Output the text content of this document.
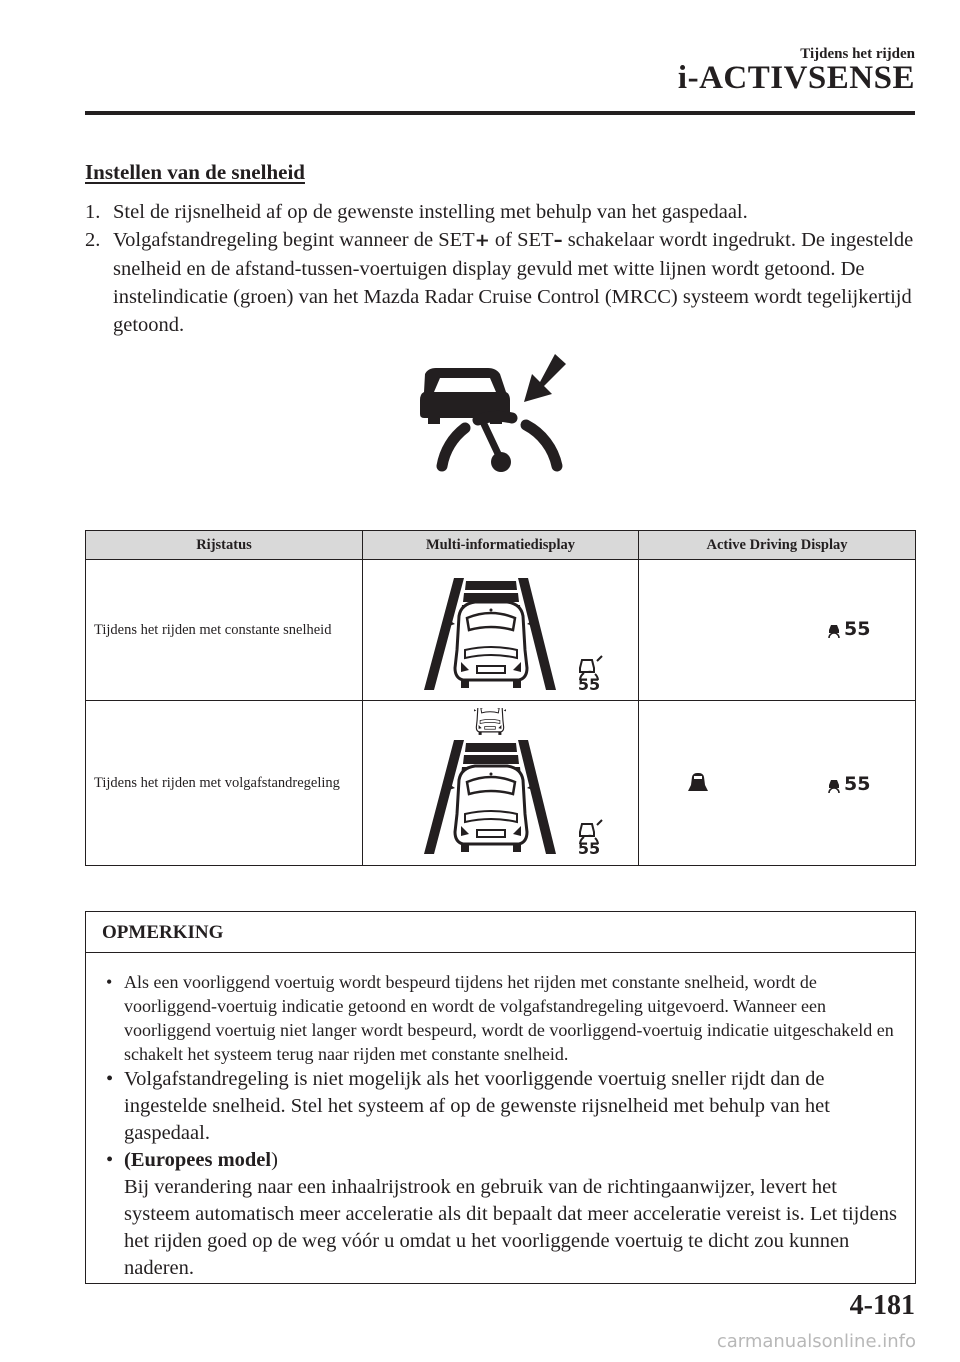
Tijdens het rijden
i-ACTIVSENSE
Instellen van de snelheid
1. Stel de rijsnelheid af op de gewenste instelling met behulp van het gaspedaal.
2. Volgafstandregeling begint wanneer de SET+ of SET– schakelaar wordt ingedrukt. De ingestelde snelheid en de afstand-tussen-voertuigen display gevuld met witte lijnen wordt getoond. De instelindicatie (groen) van het Mazda Radar Cruise Control (MRCC) systeem wordt tegelijkertijd getoond.
Rijstatus	Multi-informatiedisplay	Active Driving Display
Tijdens het rijden met constante snelheid	55	55

Tijdens het rijden met volgafstandregeling	55	55
OPMERKING
• Als een voorliggend voertuig wordt bespeurd tijdens het rijden met constante snelheid, wordt de voorliggend-voertuig indicatie getoond en wordt de volgafstandregeling uitgevoerd. Wanneer een voorliggend voertuig niet langer wordt bespeurd, wordt de voorliggend-voertuig indicatie uitgeschakeld en schakelt het systeem terug naar rijden met constante snelheid.
• Volgafstandregeling is niet mogelijk als het voorliggende voertuig sneller rijdt dan de ingestelde snelheid. Stel het systeem af op de gewenste rijsnelheid met behulp van het gaspedaal.
• (Europees model)
Bij verandering naar een inhaalrijstrook en gebruik van de richtingaanwijzer, levert het systeem automatisch meer acceleratie als dit bepaalt dat meer acceleratie vereist is. Let tijdens het rijden goed op de weg vóór u omdat u het voorliggende voertuig te dicht zou kunnen naderen.
4-181
carmanualsonline.info
